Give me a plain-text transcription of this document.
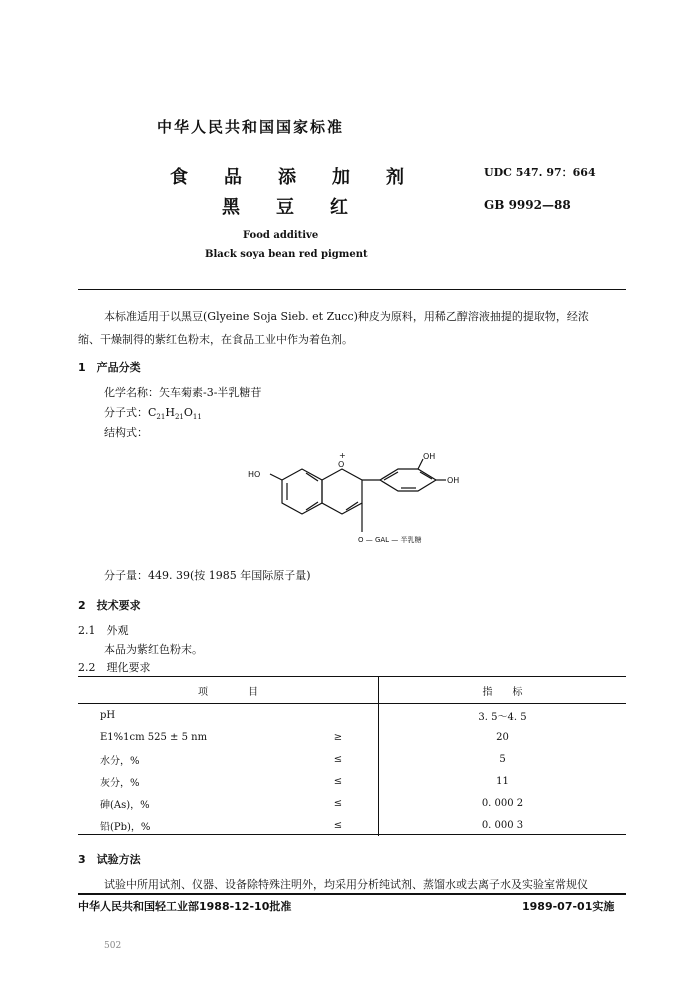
中华人民共和国国家标准
食　　品　　添　　加　　剂
黑　　豆　　红
UDC 547. 97：664
GB 9992—88
Food additive
Black soya bean red pigment
本标准适用于以黑豆(Glyeine Soja Sieb. et Zucc)种皮为原料，用稀乙醇溶液抽提的提取物，经浓
缩、干燥制得的紫红色粉末，在食品工业中作为着色剂。
1　产品分类
化学名称：矢车菊素-3-半乳糖苷
分子式：$C_{21}H_{21}O_{11}$
结构式：
HO
+
O
OH
OH
O — GAL — 半乳糖
分子量：449. 39(按 1985 年国际原子量)
2　技术要求
2.1　外观
本品为紫红色粉末。
2.2　理化要求
项　　　　目		指　　标
pH		3. 5～4. 5
E1%1cm 525 ± 5 nm	≥	20
水分，%	≤	5
灰分，%	≤	11
砷(As)，%	≤	0. 000 2
铅(Pb)，%	≤	0. 000 3
3　试验方法
试验中所用试剂、仪器、设备除特殊注明外，均采用分析纯试剂、蒸馏水或去离子水及实验室常规仪
中华人民共和国轻工业部1988-12-10批准	1989-07-01实施
502
